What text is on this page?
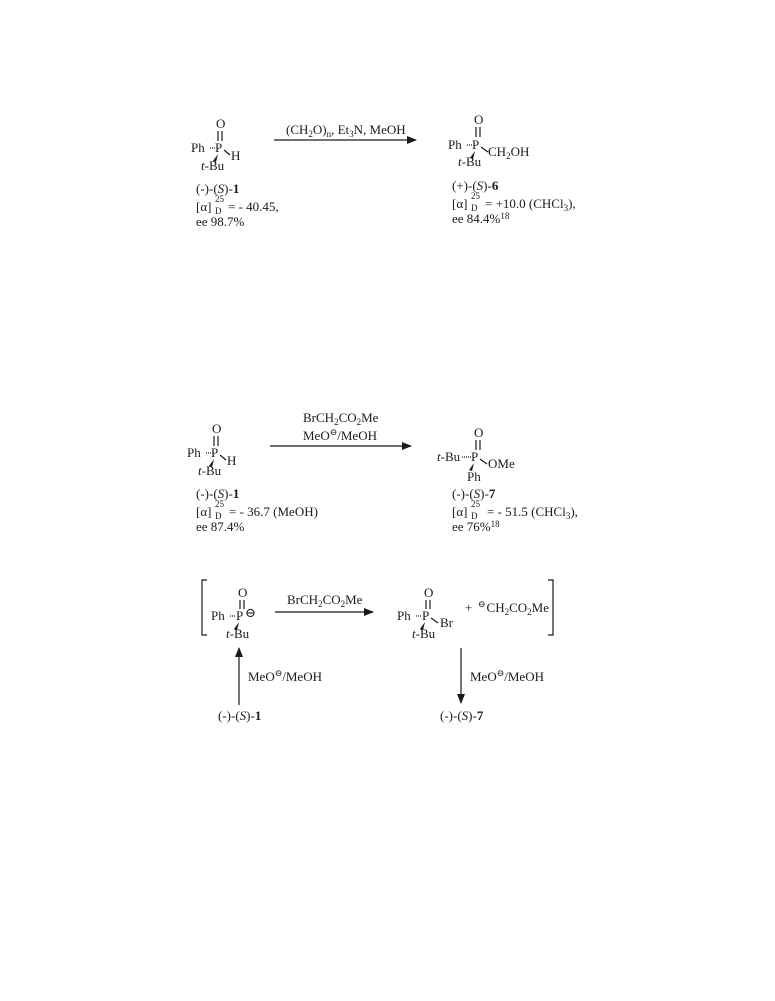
O
Ph P
H
t-Bu
(-)-(S)-1
[α] 25
D = - 40.45,
ee 98.7%
$(CH_2O)_n$, $Et_3N$, MeOH
O
Ph P $CH_2OH$
t-Bu
(+)-(S)-6
[α] 25
D = +10.0 (CHCl$_3$),
ee 84.4%$^{18}$
O
Ph P
H
t-Bu
(-)-(S)-1
[α] 25
D = - 36.7 (MeOH)
ee 87.4%
$BrCH_2CO_2Me$
MeO⊖/MeOH	O
t-Bu P OMe
Ph
(-)-(S)-7
[α] 25
D = - 51.5 (CHCl$_3$),
ee 76%$^{18}$
O
Ph P ⊖
t-Bu
$BrCH_2CO_2Me$	O
Ph P Br
t-Bu
+ $^⊖CH_2CO_2Me$
MeO⊖/MeOH	MeO⊖/MeOH
(-)-(S)-1	(-)-(S)-7
